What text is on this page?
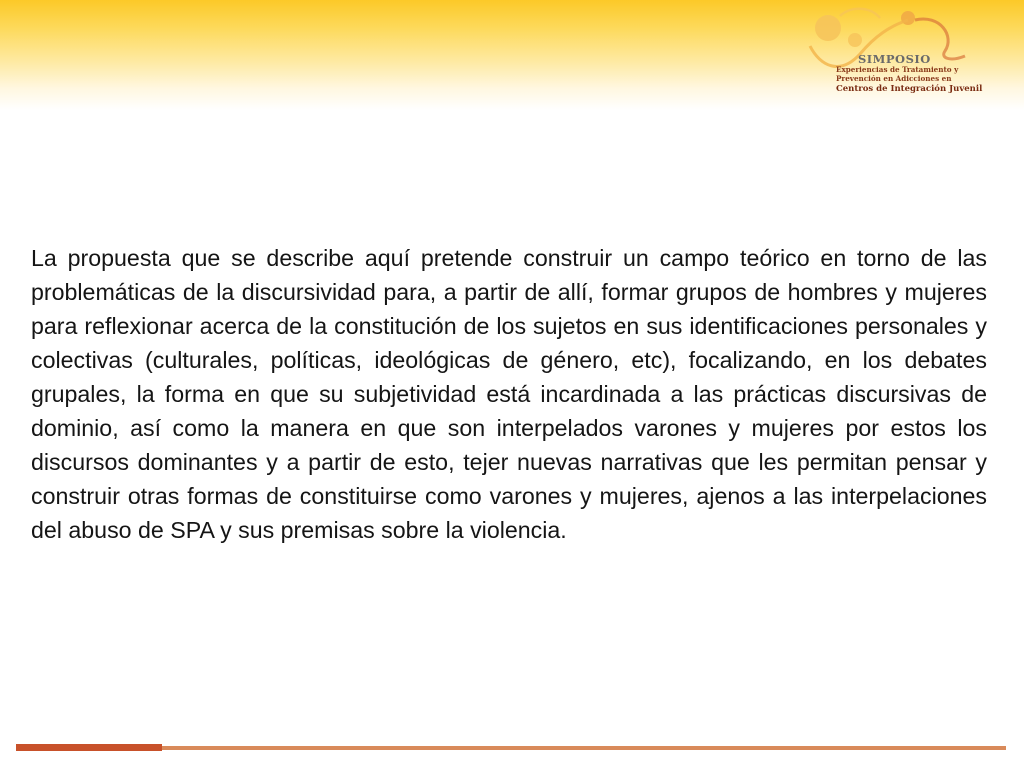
SIMPOSIO
Experiencias de Tratamiento y
Prevención en Adicciones en
Centros de Integración Juvenil

La propuesta que se describe aquí pretende construir un campo teórico en torno de las problemáticas de la discursividad para, a partir de allí, formar grupos de hombres y mujeres para reflexionar acerca de la constitución de los sujetos en sus identificaciones personales y colectivas (culturales, políticas, ideológicas de género, etc), focalizando, en los debates grupales, la forma en que su subjetividad está incardinada a las prácticas discursivas de dominio, así como la manera en que son interpelados varones y mujeres por estos los discursos dominantes y a partir de esto, tejer nuevas narrativas que les permitan pensar y construir otras formas de constituirse como varones y mujeres, ajenos a las interpelaciones del abuso de SPA y sus premisas sobre la violencia.
